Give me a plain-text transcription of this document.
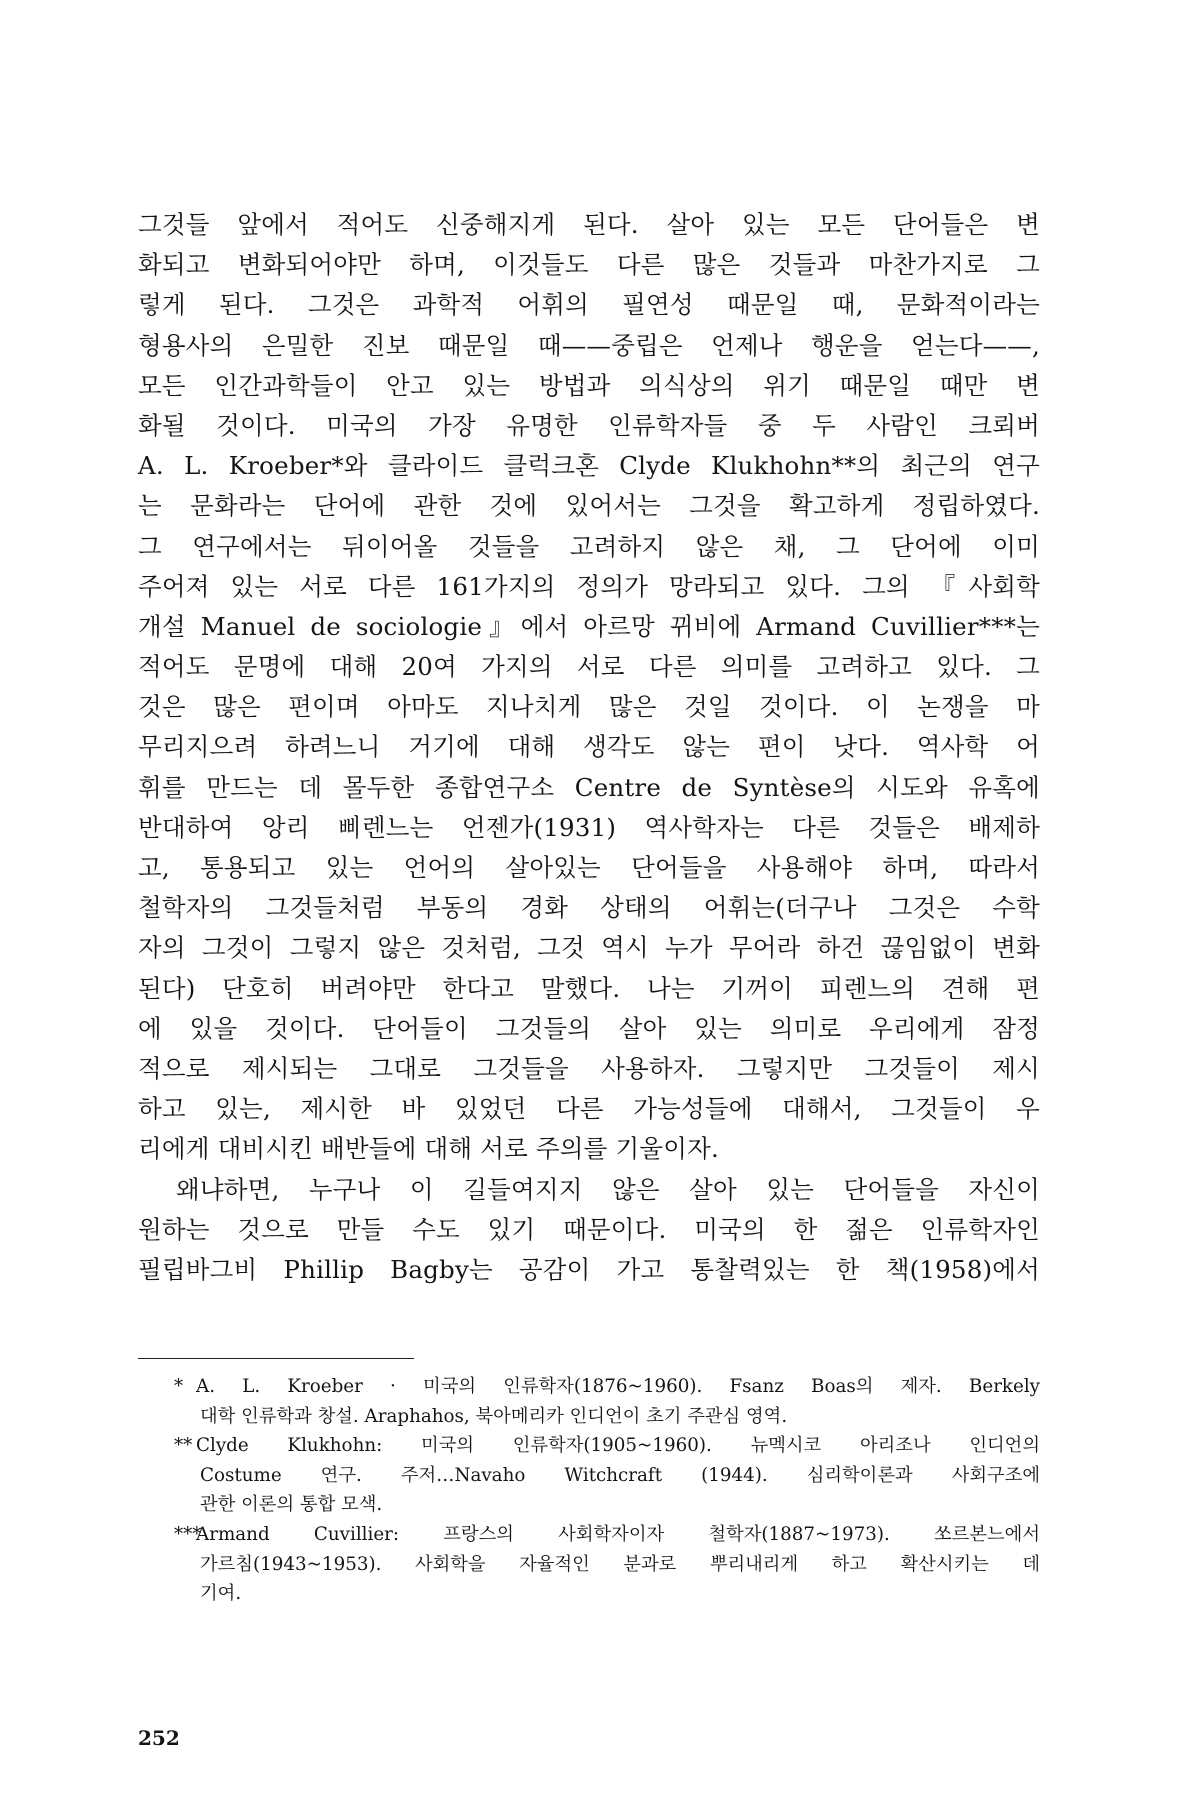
그것들 앞에서 적어도 신중해지게 된다. 살아 있는 모든 단어들은 변
화되고 변화되어야만 하며, 이것들도 다른 많은 것들과 마찬가지로 그
렇게 된다. 그것은 과학적 어휘의 필연성 때문일 때, 문화적이라는
형용사의 은밀한 진보 때문일 때——중립은 언제나 행운을 얻는다——,
모든 인간과학들이 안고 있는 방법과 의식상의 위기 때문일 때만 변
화될 것이다. 미국의 가장 유명한 인류학자들 중 두 사람인 크뢰버
A. L. Kroeber*와 클라이드 클럭크혼 Clyde Klukhohn**의 최근의 연구
는 문화라는 단어에 관한 것에 있어서는 그것을 확고하게 정립하였다.
그 연구에서는 뒤이어올 것들을 고려하지 않은 채, 그 단어에 이미
주어져 있는 서로 다른 161가지의 정의가 망라되고 있다. 그의 『사회학
개설 Manuel de sociologie』에서 아르망 뀌비에 Armand Cuvillier***는
적어도 문명에 대해 20여 가지의 서로 다른 의미를 고려하고 있다. 그
것은 많은 편이며 아마도 지나치게 많은 것일 것이다. 이 논쟁을 마
무리지으려 하려느니 거기에 대해 생각도 않는 편이 낫다. 역사학 어
휘를 만드는 데 몰두한 종합연구소 Centre de Syntèse의 시도와 유혹에
반대하여 앙리 삐렌느는 언젠가(1931) 역사학자는 다른 것들은 배제하
고, 통용되고 있는 언어의 살아있는 단어들을 사용해야 하며, 따라서
철학자의 그것들처럼 부동의 경화 상태의 어휘는(더구나 그것은 수학
자의 그것이 그렇지 않은 것처럼, 그것 역시 누가 무어라 하건 끊임없이 변화
된다) 단호히 버려야만 한다고 말했다. 나는 기꺼이 피렌느의 견해 편
에 있을 것이다. 단어들이 그것들의 살아 있는 의미로 우리에게 잠정
적으로 제시되는 그대로 그것들을 사용하자. 그렇지만 그것들이 제시
하고 있는, 제시한 바 있었던 다른 가능성들에 대해서, 그것들이 우
리에게 대비시킨 배반들에 대해 서로 주의를 기울이자.
왜냐하면, 누구나 이 길들여지지 않은 살아 있는 단어들을 자신이
원하는 것으로 만들 수도 있기 때문이다. 미국의 한 젊은 인류학자인
필립바그비 Phillip Bagby는 공감이 가고 통찰력있는 한 책(1958)에서
* A. L. Kroeber · 미국의 인류학자(1876~1960). Fsanz Boas의 제자. Berkely
대학 인류학과 창설. Araphahos, 북아메리카 인디언이 초기 주관심 영역.
** Clyde Klukhohn: 미국의 인류학자(1905~1960). 뉴멕시코 아리조나 인디언의
Costume 연구. 주저…Navaho Witchcraft (1944). 심리학이론과 사회구조에
관한 이론의 통합 모색.
***Armand Cuvillier: 프랑스의 사회학자이자 철학자(1887~1973). 쏘르본느에서
가르침(1943~1953). 사회학을 자율적인 분과로 뿌리내리게 하고 확산시키는 데
기여.
252
